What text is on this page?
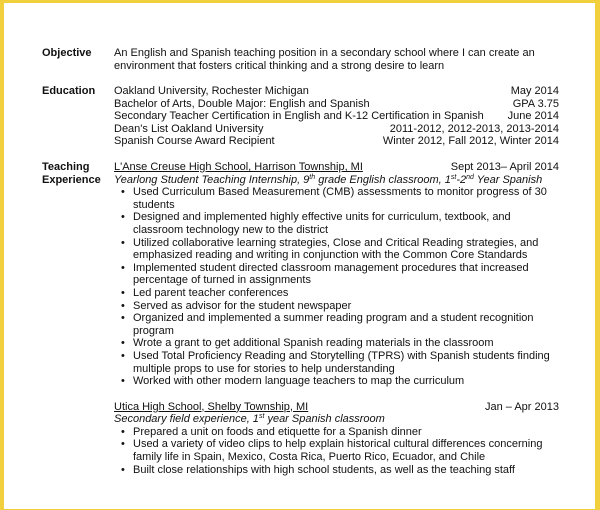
Objective	An English and Spanish teaching position in a secondary school where I can create an
environment that fosters critical thinking and a strong desire to learn
Education	Oakland University, Rochester Michigan	May 2014
Bachelor of Arts, Double Major: English and Spanish	GPA 3.75
Secondary Teacher Certification in English and K-12 Certification in Spanish June 2014
Dean's List Oakland University	2011-2012, 2012-2013, 2013-2014
Spanish Course Award Recipient	Winter 2012, Fall 2012, Winter 2014
Teaching
Experience
L'Anse Creuse High School, Harrison Township, MI	Sept 2013– April 2014
Yearlong Student Teaching Internship, 9th grade English classroom, 1st-2nd Year Spanish
• Used Curriculum Based Measurement (CMB) assessments to monitor progress of 30 students
• Designed and implemented highly effective units for curriculum, textbook, and classroom technology new to the district
• Utilized collaborative learning strategies, Close and Critical Reading strategies, and emphasized reading and writing in conjunction with the Common Core Standards
• Implemented student directed classroom management procedures that increased percentage of turned in assignments
• Led parent teacher conferences
• Served as advisor for the student newspaper
• Organized and implemented a summer reading program and a student recognition program
• Wrote a grant to get additional Spanish reading materials in the classroom
• Used Total Proficiency Reading and Storytelling (TPRS) with Spanish students finding multiple props to use for stories to help understanding
• Worked with other modern language teachers to map the curriculum
Utica High School, Shelby Township, MI	Jan – Apr 2013
Secondary field experience, 1st year Spanish classroom
• Prepared a unit on foods and etiquette for a Spanish dinner
• Used a variety of video clips to help explain historical cultural differences concerning family life in Spain, Mexico, Costa Rica, Puerto Rico, Ecuador, and Chile
• Built close relationships with high school students, as well as the teaching staff
